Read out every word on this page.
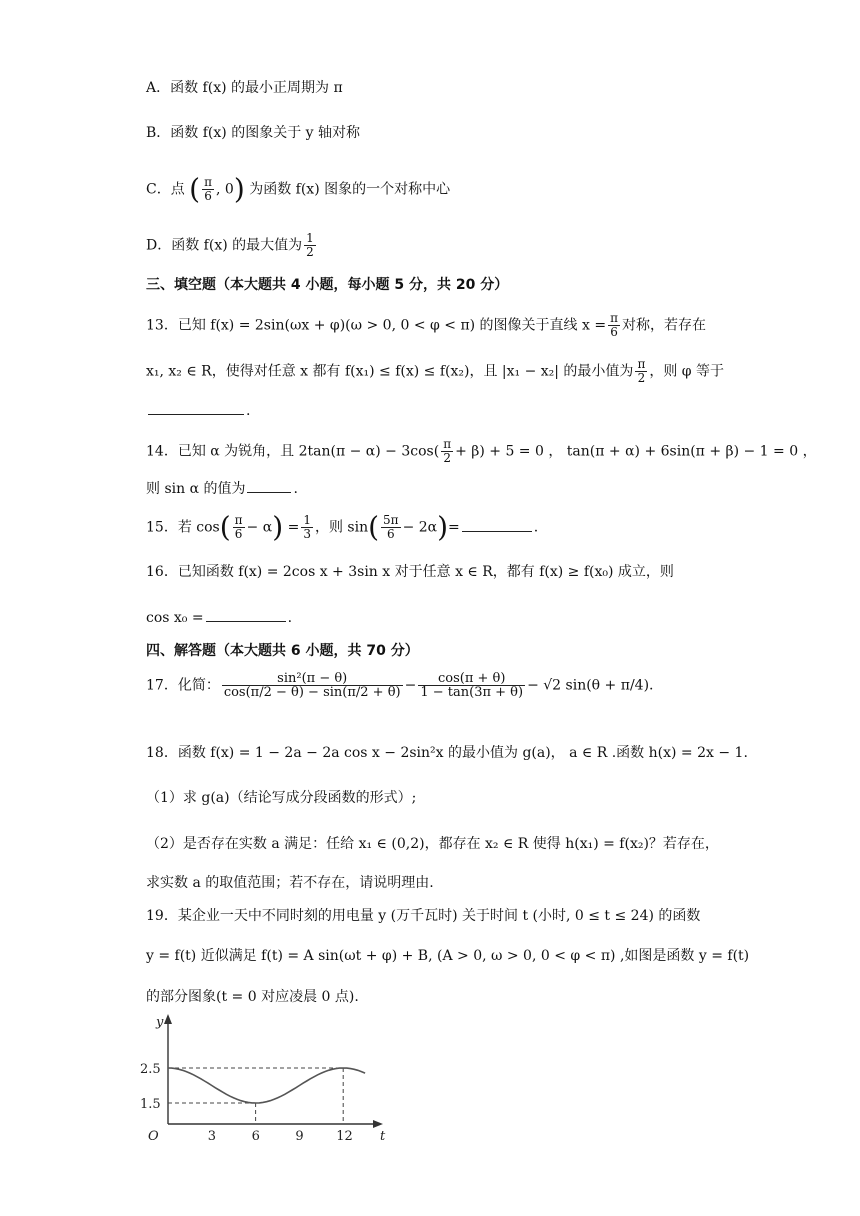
A．函数 f(x) 的最小正周期为 π
B．函数 f(x) 的图象关于 y 轴对称
C．点 ( $\frac{\pi}{6}$ , 0) 为函数 f(x) 图象的一个对称中心
D．函数 f(x) 的最大值为 $\frac{1}{2}$
三、填空题（本大题共 4 小题，每小题 5 分，共 20 分）
13．已知 f(x) = 2sin(ωx + φ)(ω > 0, 0 < φ < π) 的图像关于直线 $x = \frac{\pi}{6}$ 对称，若存在
x₁, x₂ ∈ R，使得对任意 x 都有 f(x₁) ≤ f(x) ≤ f(x₂)，且 |x₁ − x₂| 的最小值为 $\frac{\pi}{2}$ ，则 φ 等于
.
14．已知 α 为锐角，且 $2\tan(\pi - \alpha) - 3\cos( \frac{\pi}{2} + \beta) + 5 = 0$ ， tan(π + α) + 6sin(π + β) − 1 = 0 ，
则 sin α 的值为	.
15．若 $\cos( \frac{\pi}{6} - \alpha) = \frac{1}{3}$ ，则 $\sin( \frac{5\pi}{6} - 2\alpha)=$	.
16．已知函数 f(x) = 2cos x + 3sin x 对于任意 x ∈ R，都有 f(x) ≥ f(x₀) 成立，则
cos x₀ =	.
四、解答题（本大题共 6 小题，共 70 分）
17．化简： $\frac{\text{sin²(π − θ)}}{\cos(\pi/2 - \theta) - \sin(\pi/2 + \theta)} - \frac{\cos(\pi + \theta)}{1 - \tan(3\pi + \theta)} - √2$ sin(θ + π/4).
18．函数 f(x) = 1 − 2a − 2a cos x − 2sin²x 的最小值为 g(a)， a ∈ R .函数 h(x) = 2x − 1.
（1）求 g(a)（结论写成分段函数的形式）;
（2）是否存在实数 a 满足：任给 x₁ ∈ (0,2)，都存在 x₂ ∈ R 使得 h(x₁) = f(x₂)？若存在，
求实数 a 的取值范围；若不存在，请说明理由.
19．某企业一天中不同时刻的用电量 y (万千瓦时) 关于时间 t (小时, 0 ≤ t ≤ 24) 的函数
y = f(t) 近似满足 f(t) = A sin(ωt + φ) + B, (A > 0, ω > 0, 0 < φ < π) ,如图是函数 y = f(t)
的部分图象(t = 0 对应凌晨 0 点).
y
t
O	3	6	9	12
1.5
2.5
